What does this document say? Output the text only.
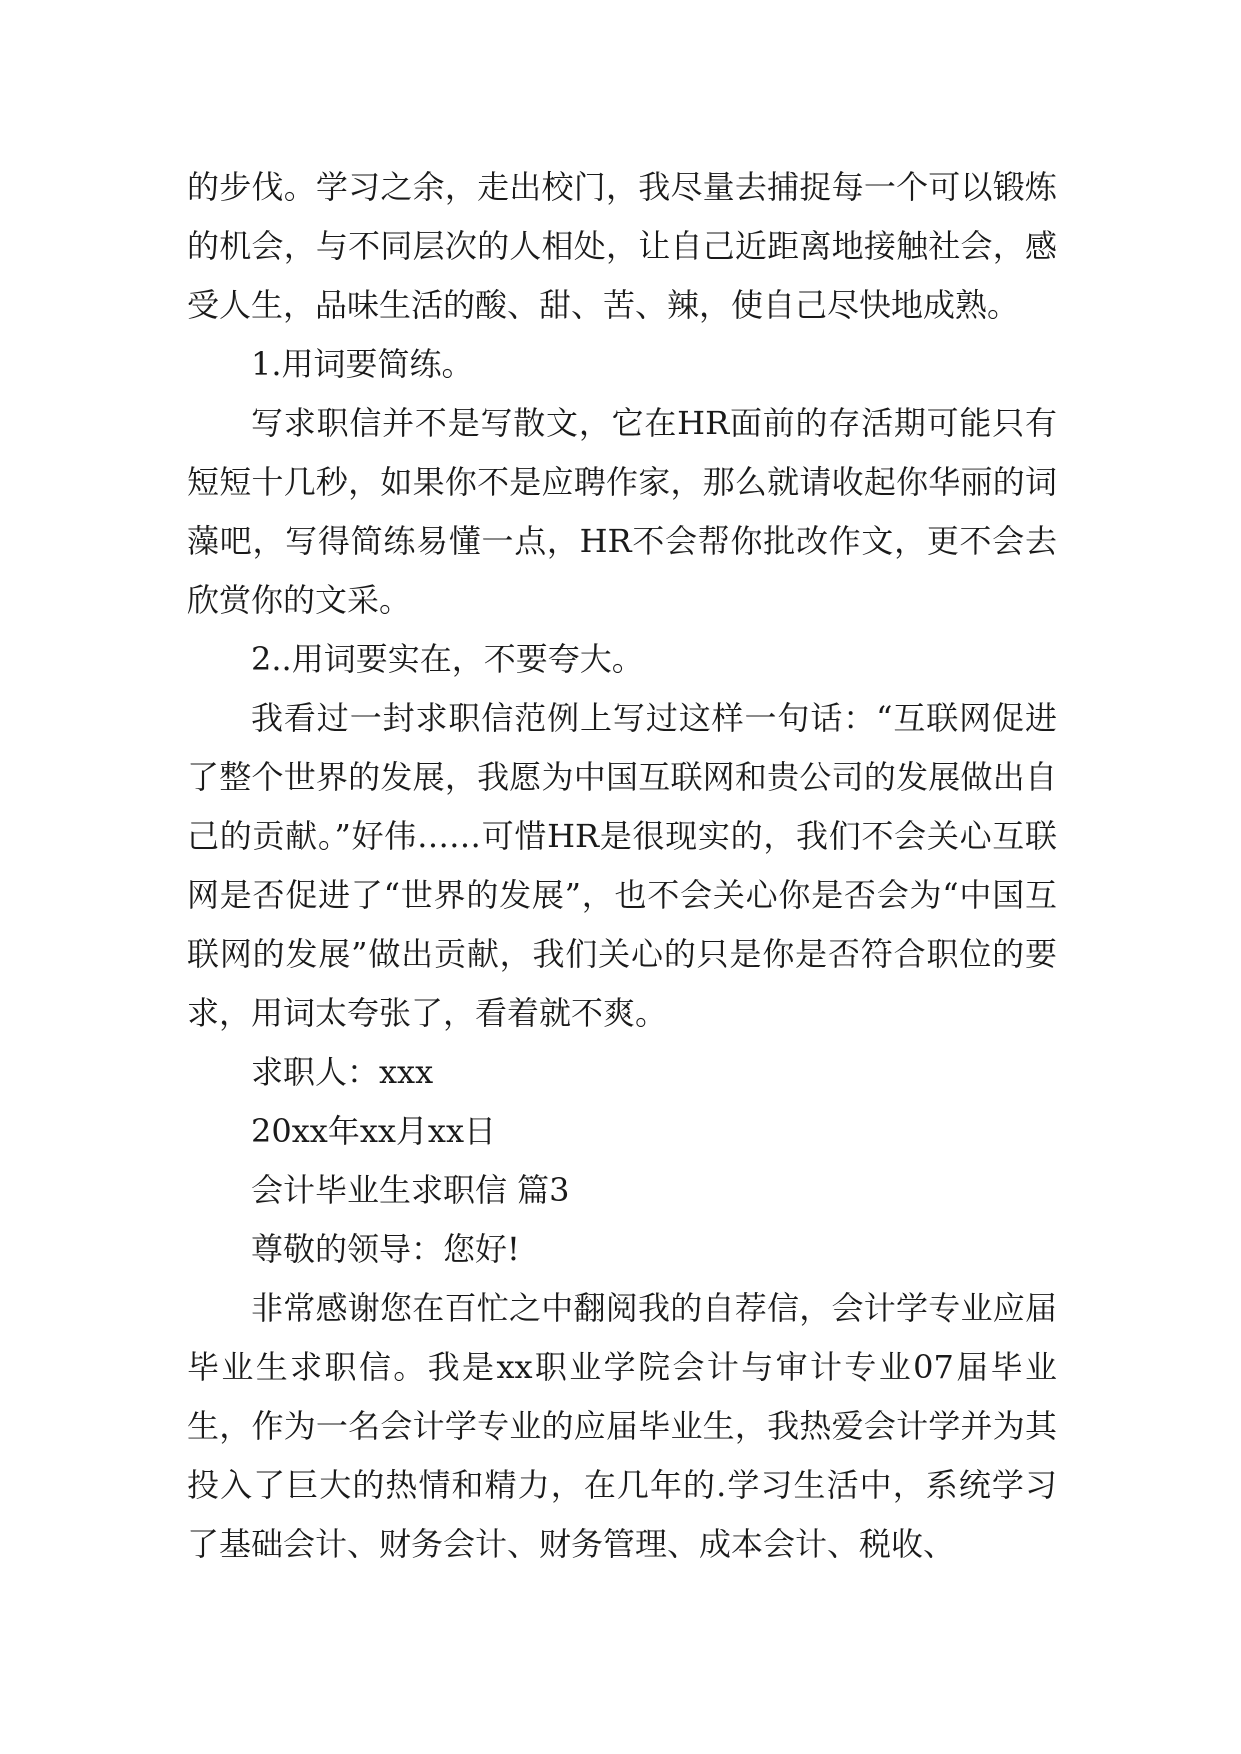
的步伐。学习之余，走出校门，我尽量去捕捉每一个可以锻炼的机会，与不同层次的人相处，让自己近距离地接触社会，感受人生，品味生活的酸、甜、苦、辣，使自己尽快地成熟。

1.用词要简练。

写求职信并不是写散文，它在HR面前的存活期可能只有短短十几秒，如果你不是应聘作家，那么就请收起你华丽的词藻吧，写得简练易懂一点，HR不会帮你批改作文，更不会去欣赏你的文采。

2..用词要实在，不要夸大。

我看过一封求职信范例上写过这样一句话：“互联网促进了整个世界的发展，我愿为中国互联网和贵公司的发展做出自己的贡献。”好伟……可惜HR是很现实的，我们不会关心互联网是否促进了“世界的发展”，也不会关心你是否会为“中国互联网的发展”做出贡献，我们关心的只是你是否符合职位的要求，用词太夸张了，看着就不爽。

求职人：xxx

20xx年xx月xx日

会计毕业生求职信 篇3

尊敬的领导：您好!

非常感谢您在百忙之中翻阅我的自荐信，会计学专业应届毕业生求职信。我是xx职业学院会计与审计专业07届毕业生，作为一名会计学专业的应届毕业生，我热爱会计学并为其投入了巨大的热情和精力，在几年的.学习生活中，系统学习了基础会计、财务会计、财务管理、成本会计、税收、
